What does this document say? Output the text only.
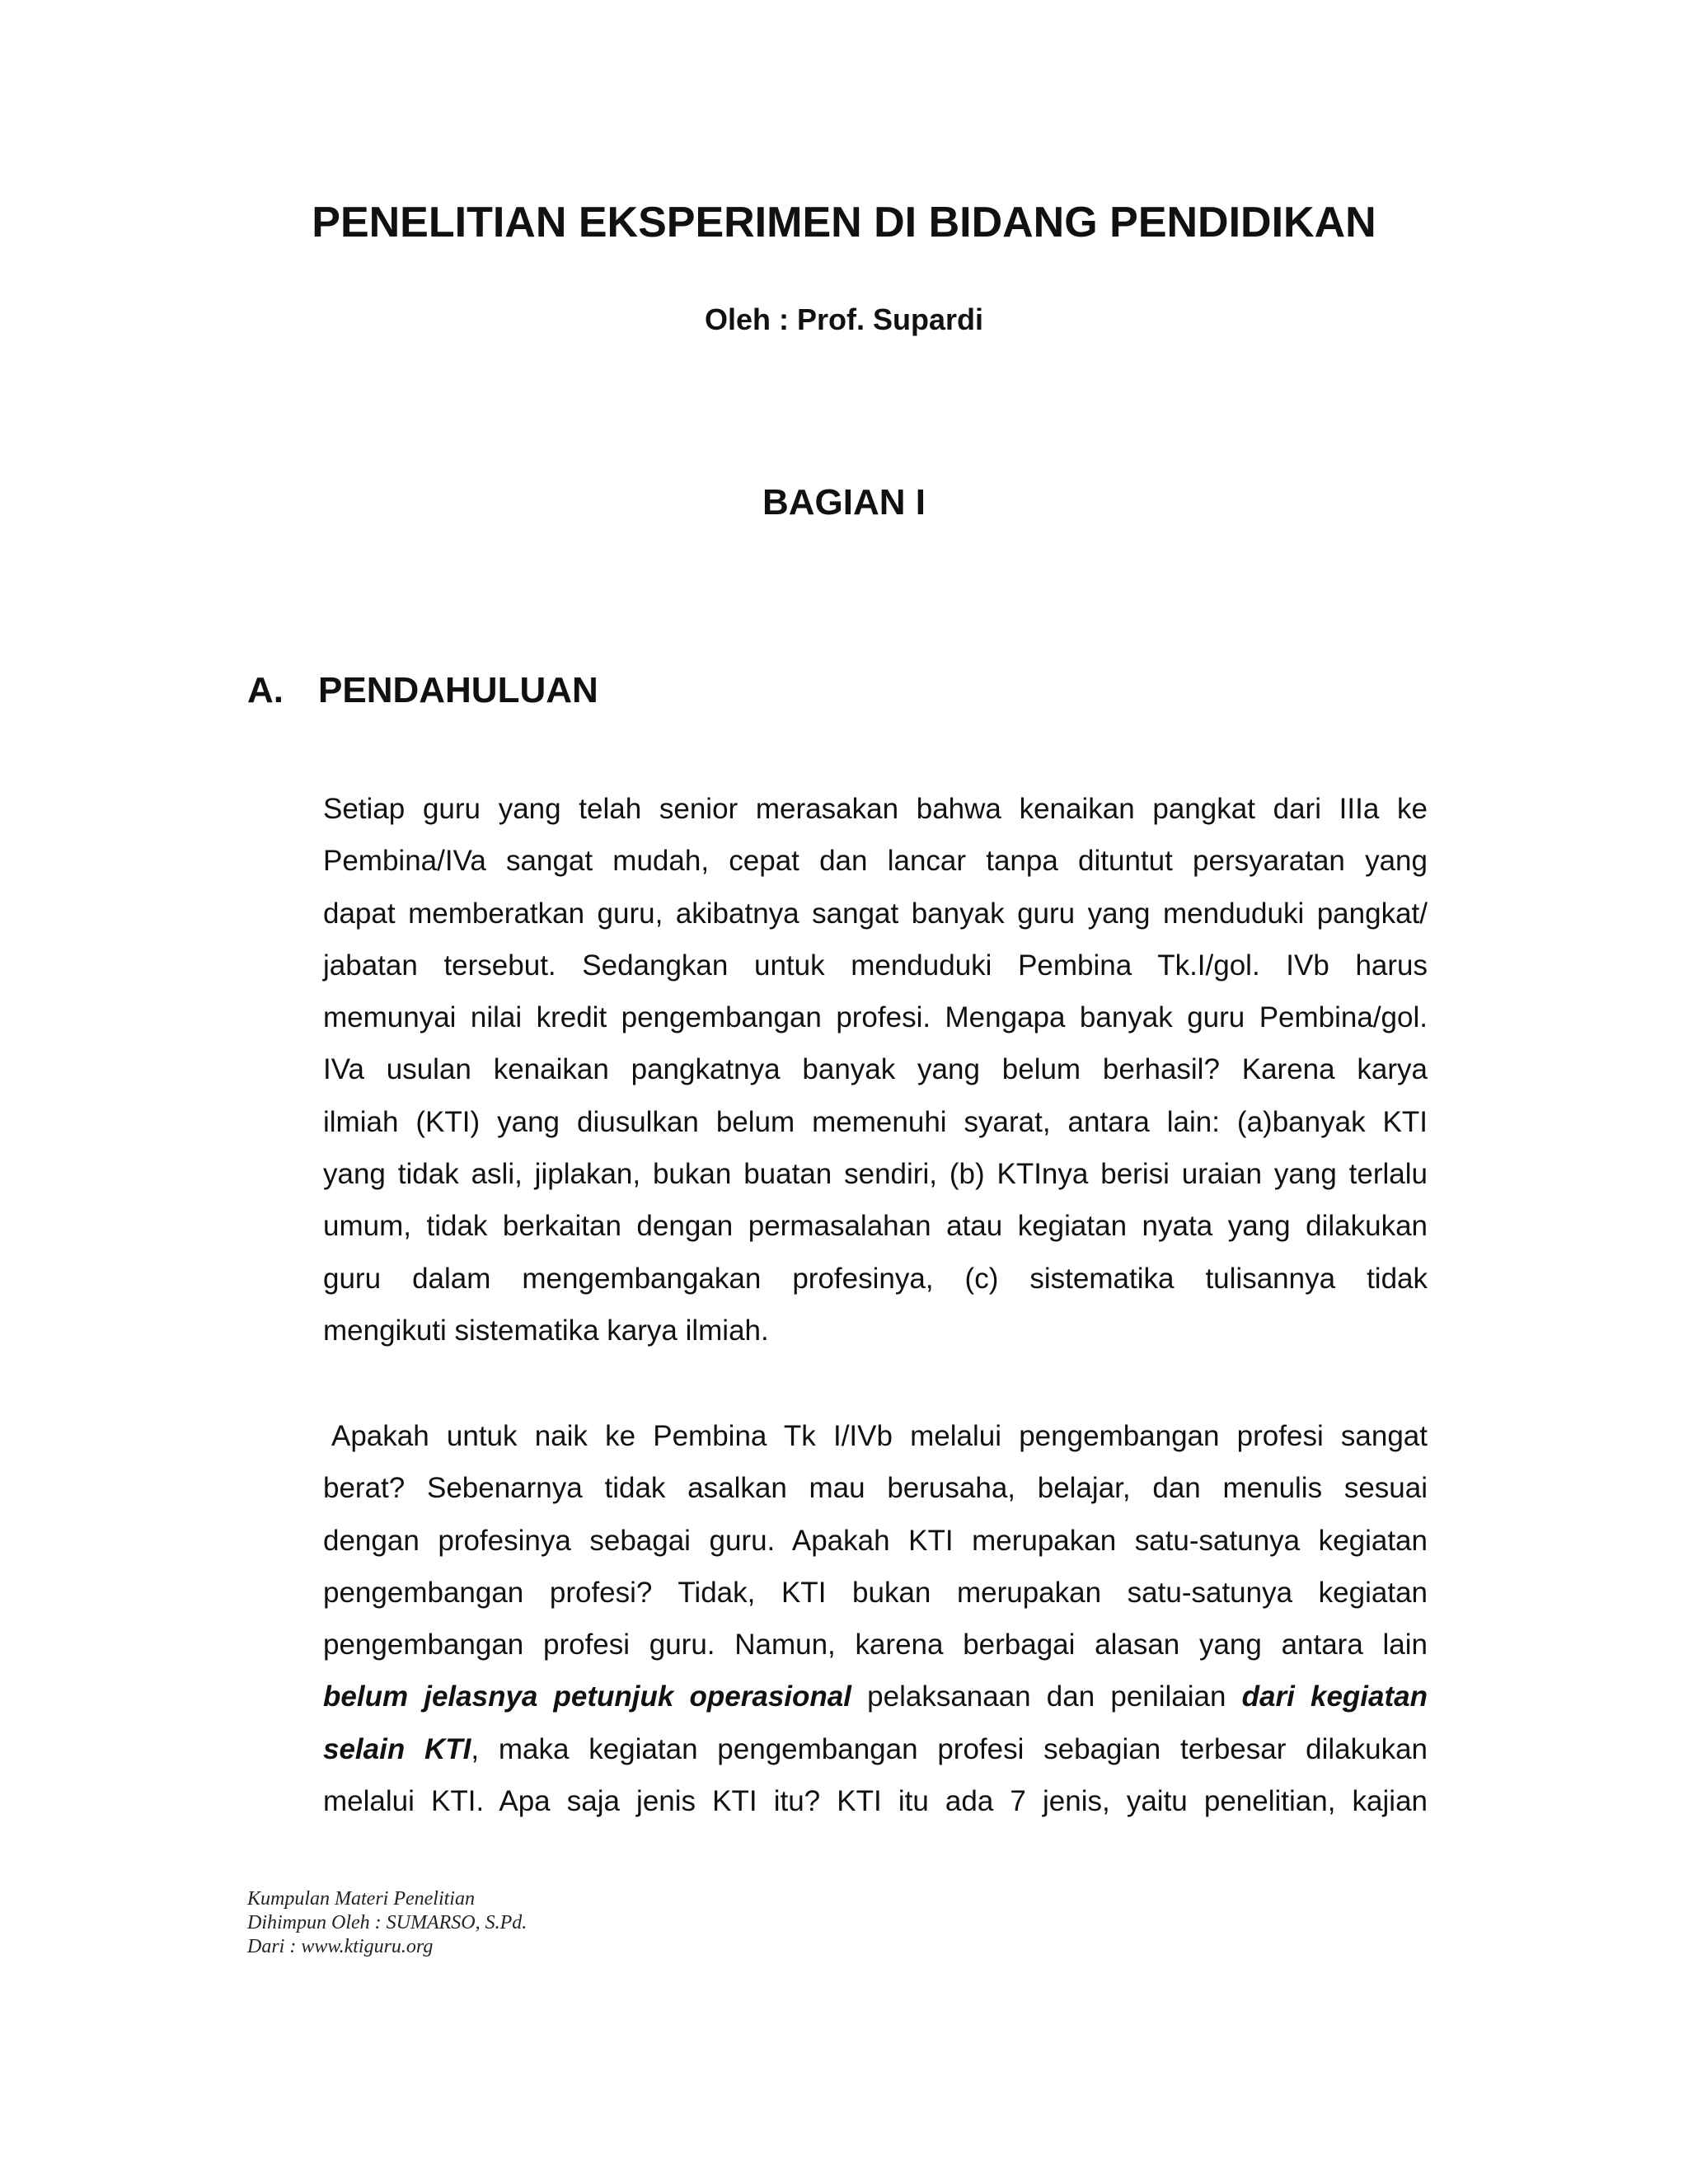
PENELITIAN EKSPERIMEN DI BIDANG PENDIDIKAN
Oleh : Prof. Supardi
BAGIAN I
A. PENDAHULUAN
Setiap guru yang telah senior merasakan bahwa kenaikan pangkat dari IIIa ke
Pembina/IVa sangat mudah, cepat dan lancar tanpa dituntut persyaratan yang
dapat memberatkan guru, akibatnya sangat banyak guru yang menduduki pangkat/
jabatan tersebut. Sedangkan untuk menduduki Pembina Tk.I/gol. IVb harus
memunyai nilai kredit pengembangan profesi. Mengapa banyak guru Pembina/gol.
IVa usulan kenaikan pangkatnya banyak yang belum berhasil? Karena karya
ilmiah (KTI) yang diusulkan belum memenuhi syarat, antara lain: (a)banyak KTI
yang tidak asli, jiplakan, bukan buatan sendiri, (b) KTInya berisi uraian yang terlalu
umum, tidak berkaitan dengan permasalahan atau kegiatan nyata yang dilakukan
guru dalam mengembangakan profesinya, (c) sistematika tulisannya tidak
mengikuti sistematika karya ilmiah.
Apakah untuk naik ke Pembina Tk I/IVb melalui pengembangan profesi sangat
berat? Sebenarnya tidak asalkan mau berusaha, belajar, dan menulis sesuai
dengan profesinya sebagai guru. Apakah KTI merupakan satu-satunya kegiatan
pengembangan profesi? Tidak, KTI bukan merupakan satu-satunya kegiatan
pengembangan profesi guru. Namun, karena berbagai alasan yang antara lain
belum jelasnya petunjuk operasional pelaksanaan dan penilaian dari kegiatan
selain KTI, maka kegiatan pengembangan profesi sebagian terbesar dilakukan
melalui KTI. Apa saja jenis KTI itu? KTI itu ada 7 jenis, yaitu penelitian, kajian
Kumpulan Materi Penelitian
Dihimpun Oleh : SUMARSO, S.Pd.
Dari : www.ktiguru.org
